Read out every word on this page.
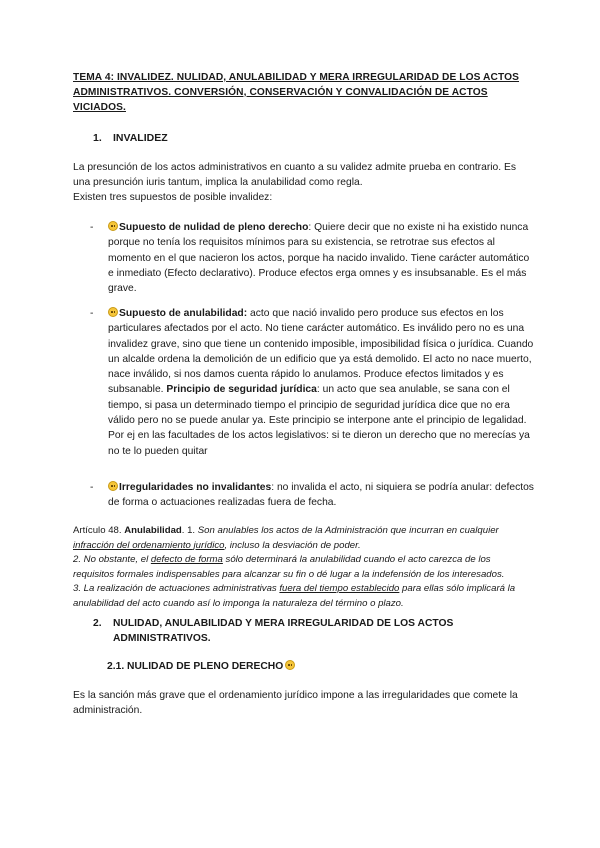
TEMA 4: INVALIDEZ. NULIDAD, ANULABILIDAD Y MERA IRREGULARIDAD DE LOS ACTOS ADMINISTRATIVOS. CONVERSIÓN, CONSERVACIÓN Y CONVALIDACIÓN DE ACTOS VICIADOS.
1. INVALIDEZ
La presunción de los actos administrativos en cuanto a su validez admite prueba en contrario. Es una presunción iuris tantum, implica la anulabilidad como regla.
Existen tres supuestos de posible invalidez:
-	Supuesto de nulidad de pleno derecho: Quiere decir que no existe ni ha existido nunca porque no tenía los requisitos mínimos para su existencia, se retrotrae sus efectos al momento en el que nacieron los actos, porque ha nacido invalido. Tiene carácter automático e inmediato (Efecto declarativo). Produce efectos erga omnes y es insubsanable. Es el más grave.
-	Supuesto de anulabilidad: acto que nació invalido pero produce sus efectos en los particulares afectados por el acto. No tiene carácter automático. Es inválido pero no es una invalidez grave, sino que tiene un contenido imposible, imposibilidad física o jurídica. Cuando un alcalde ordena la demolición de un edificio que ya está demolido. El acto no nace muerto, nace inválido, si nos damos cuenta rápido lo anulamos. Produce efectos limitados y es subsanable. Principio de seguridad jurídica: un acto que sea anulable, se sana con el tiempo, si pasa un determinado tiempo el principio de seguridad jurídica dice que no era válido pero no se puede anular ya. Este principio se interpone ante el principio de legalidad. Por ej en las facultades de los actos legislativos: si te dieron un derecho que no merecías ya no te lo pueden quitar
-	Irregularidades no invalidantes: no invalida el acto, ni siquiera se podría anular: defectos de forma o actuaciones realizadas fuera de fecha.
Artículo 48. Anulabilidad. 1. Son anulables los actos de la Administración que incurran en cualquier infracción del ordenamiento jurídico, incluso la desviación de poder.
2. No obstante, el defecto de forma sólo determinará la anulabilidad cuando el acto carezca de los requisitos formales indispensables para alcanzar su fin o dé lugar a la indefensión de los interesados.
3. La realización de actuaciones administrativas fuera del tiempo establecido para ellas sólo implicará la anulabilidad del acto cuando así lo imponga la naturaleza del término o plazo.
2. NULIDAD, ANULABILIDAD Y MERA IRREGULARIDAD DE LOS ACTOS ADMINISTRATIVOS.
2.1. NULIDAD DE PLENO DERECHO
Es la sanción más grave que el ordenamiento jurídico impone a las irregularidades que comete la administración.
